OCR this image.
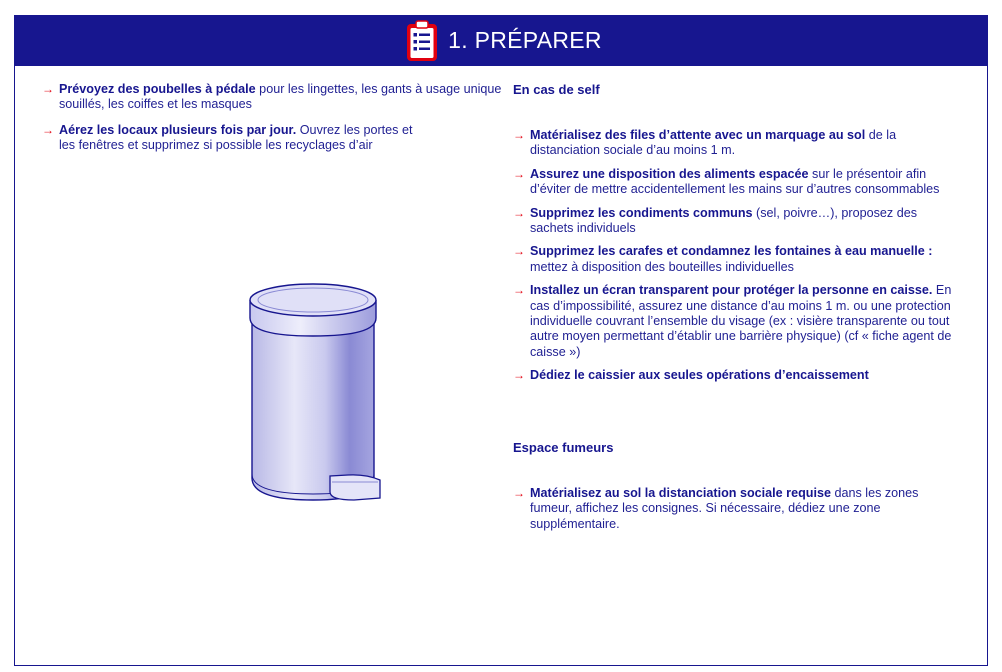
1. PRÉPARER
→ Prévoyez des poubelles à pédale pour les lingettes, les gants à usage unique souillés, les coiffes et les masques
→ Aérez les locaux plusieurs fois par jour. Ouvrez les portes et les fenêtres et supprimez si possible les recyclages d’air
En cas de self
→ Matérialisez des files d’attente avec un marquage au sol de la distanciation sociale d’au moins 1 m.
→ Assurez une disposition des aliments espacée sur le présentoir afin d’éviter de mettre accidentellement les mains sur d’autres consommables
→ Supprimez les condiments communs (sel, poivre…), proposez des sachets individuels
→ Supprimez les carafes et condamnez les fontaines à eau manuelle : mettez à disposition des bouteilles individuelles
→ Installez un écran transparent pour protéger la personne en caisse. En cas d’impossibilité, assurez une distance d’au moins 1 m. ou une protection individuelle couvrant l’ensemble du visage (ex : visière transparente ou tout autre moyen permettant d’établir une barrière physique) (cf « fiche agent de caisse »)
→ Dédiez le caissier aux seules opérations d’encaissement
Espace fumeurs
→ Matérialisez au sol la distanciation sociale requise dans les zones fumeur, affichez les consignes. Si nécessaire, dédiez une zone supplémentaire.
